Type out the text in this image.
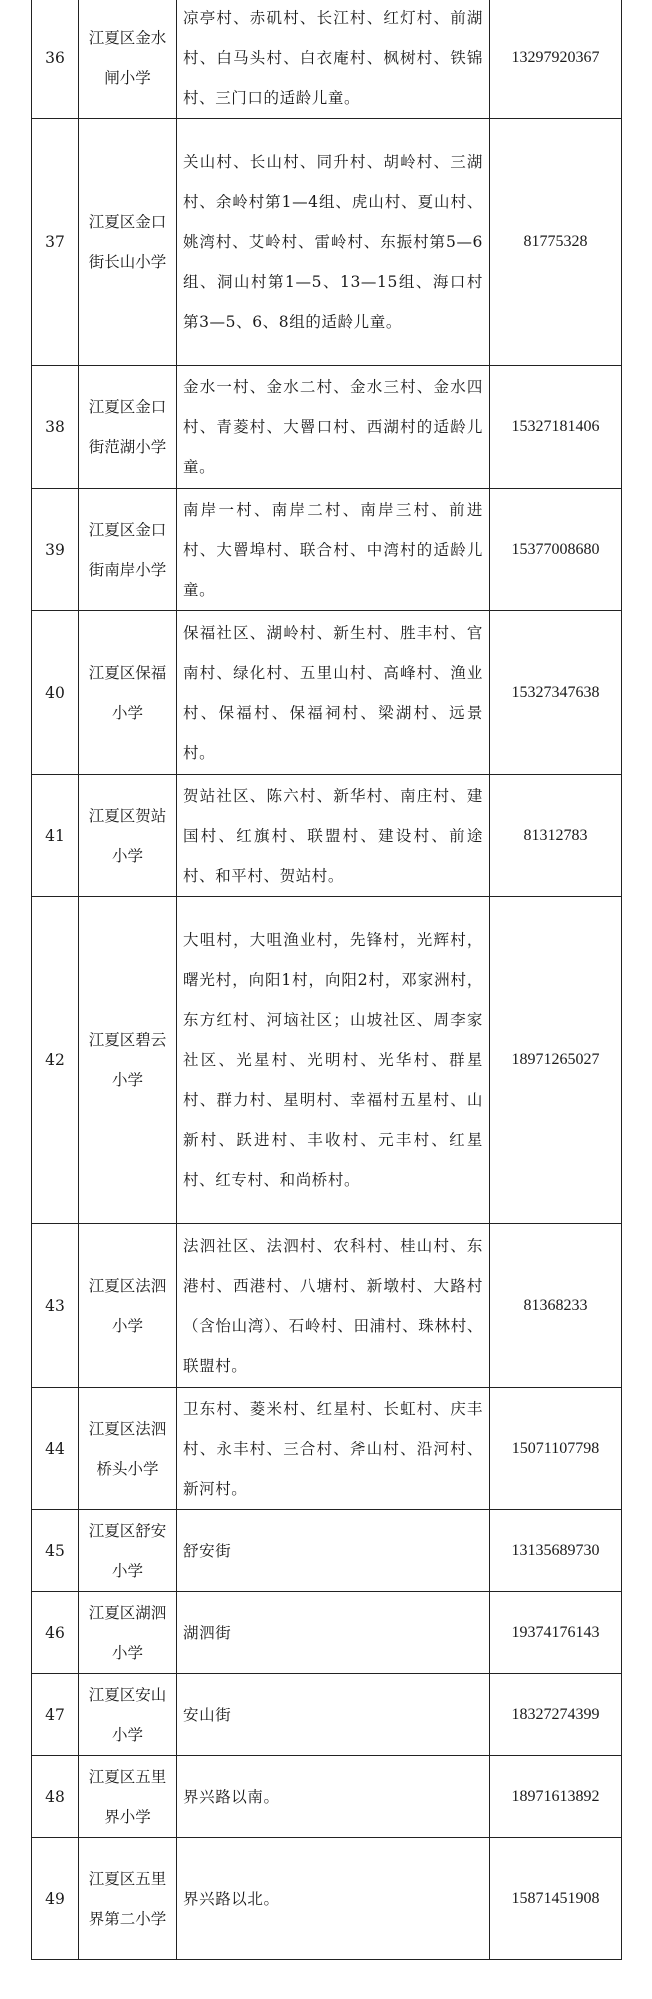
36	江夏区金水闸小学	凉亭村、赤矶村、长江村、红灯村、前湖村、白马头村、白衣庵村、枫树村、铁锦村、三门口的适龄儿童。	13297920367
37	江夏区金口街长山小学	关山村、长山村、同升村、胡岭村、三湖村、余岭村第1—4组、虎山村、夏山村、姚湾村、艾岭村、雷岭村、东振村第5—6组、洞山村第1—5、13—15组、海口村第3—5、6、8组的适龄儿童。	81775328
38	江夏区金口街范湖小学	金水一村、金水二村、金水三村、金水四村、青菱村、大罾口村、西湖村的适龄儿童。	15327181406
39	江夏区金口街南岸小学	南岸一村、南岸二村、南岸三村、前进村、大罾埠村、联合村、中湾村的适龄儿童。	15377008680
40	江夏区保福小学	保福社区、湖岭村、新生村、胜丰村、官南村、绿化村、五里山村、高峰村、渔业村、保福村、保福祠村、梁湖村、远景村。	15327347638
41	江夏区贺站小学	贺站社区、陈六村、新华村、南庄村、建国村、红旗村、联盟村、建设村、前途村、和平村、贺站村。	81312783
42	江夏区碧云小学	大咀村，大咀渔业村，先锋村，光辉村，曙光村，向阳1村，向阳2村，邓家洲村，东方红村、河垴社区；山坡社区、周李家社区、光星村、光明村、光华村、群星村、群力村、星明村、幸福村五星村、山新村、跃进村、丰收村、元丰村、红星村、红专村、和尚桥村。	18971265027
43	江夏区法泗小学	法泗社区、法泗村、农科村、桂山村、东港村、西港村、八塘村、新墩村、大路村（含怡山湾）、石岭村、田浦村、珠林村、联盟村。	81368233
44	江夏区法泗桥头小学	卫东村、菱米村、红星村、长虹村、庆丰村、永丰村、三合村、斧山村、沿河村、新河村。	15071107798
45	江夏区舒安小学	舒安街	13135689730
46	江夏区湖泗小学	湖泗街	19374176143
47	江夏区安山小学	安山街	18327274399
48	江夏区五里界小学	界兴路以南。	18971613892
49	江夏区五里界第二小学	界兴路以北。	15871451908
